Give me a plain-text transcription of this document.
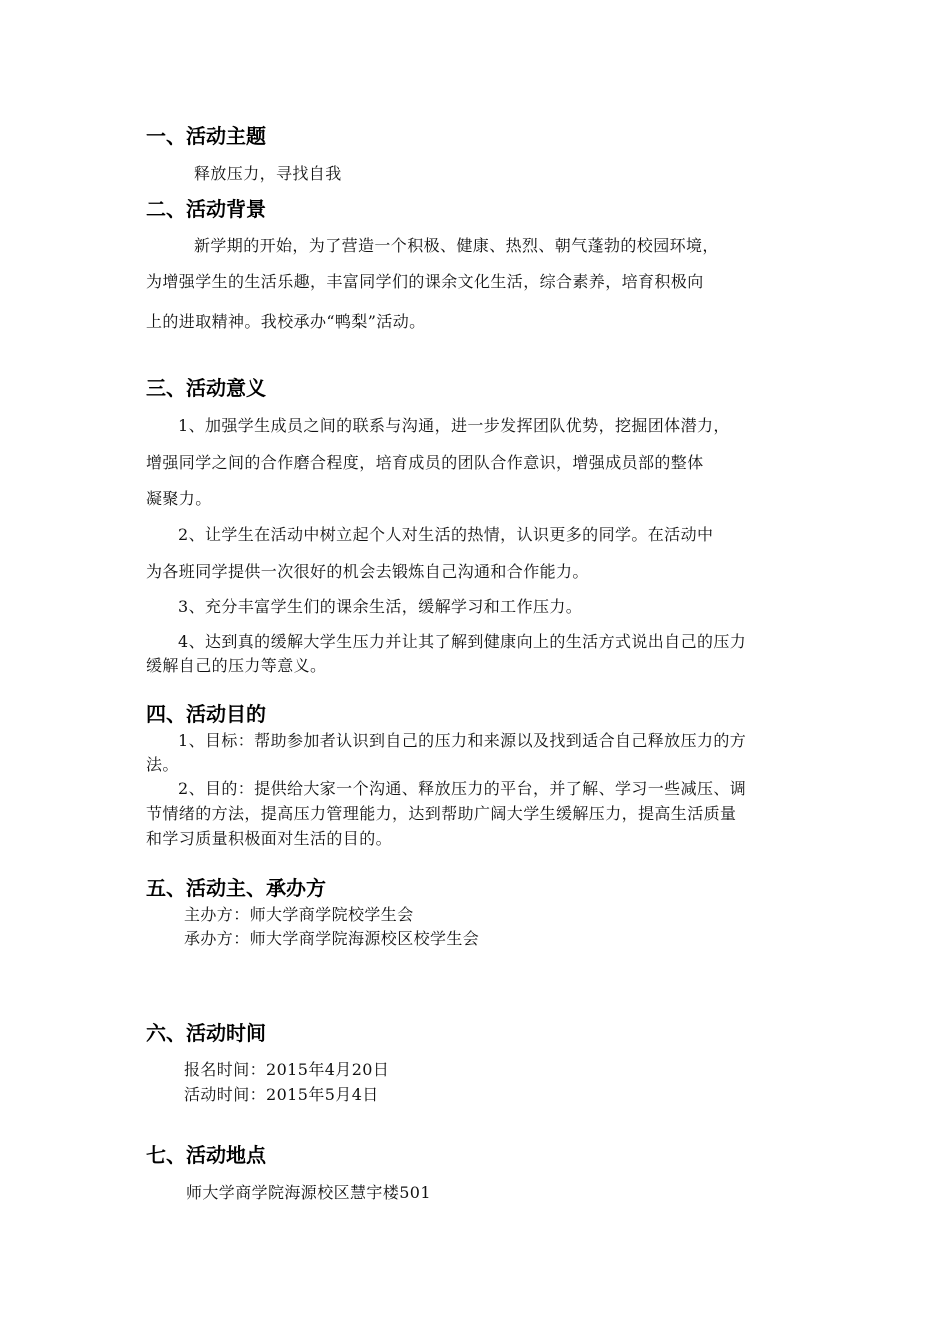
一、活动主题
释放压力，寻找自我
二、活动背景
新学期的开始，为了营造一个积极、健康、热烈、朝气蓬勃的校园环境，
为增强学生的生活乐趣，丰富同学们的课余文化生活，综合素养，培育积极向
上的进取精神。我校承办“鸭梨”活动。
三、活动意义
1、加强学生成员之间的联系与沟通，进一步发挥团队优势，挖掘团体潜力，
增强同学之间的合作磨合程度，培育成员的团队合作意识，增强成员部的整体
凝聚力。
2、让学生在活动中树立起个人对生活的热情，认识更多的同学。在活动中
为各班同学提供一次很好的机会去锻炼自己沟通和合作能力。
3、充分丰富学生们的课余生活，缓解学习和工作压力。
4、达到真的缓解大学生压力并让其了解到健康向上的生活方式说出自己的压力
缓解自己的压力等意义。
四、活动目的
1、目标：帮助参加者认识到自己的压力和来源以及找到适合自己释放压力的方
法。
2、目的：提供给大家一个沟通、释放压力的平台，并了解、学习一些减压、调
节情绪的方法，提高压力管理能力，达到帮助广阔大学生缓解压力，提高生活质量
和学习质量积极面对生活的目的。
五、活动主、承办方
主办方：师大学商学院校学生会
承办方：师大学商学院海源校区校学生会
六、活动时间
报名时间：2015年4月20日
活动时间：2015年5月4日
七、活动地点
师大学商学院海源校区慧宇楼501
